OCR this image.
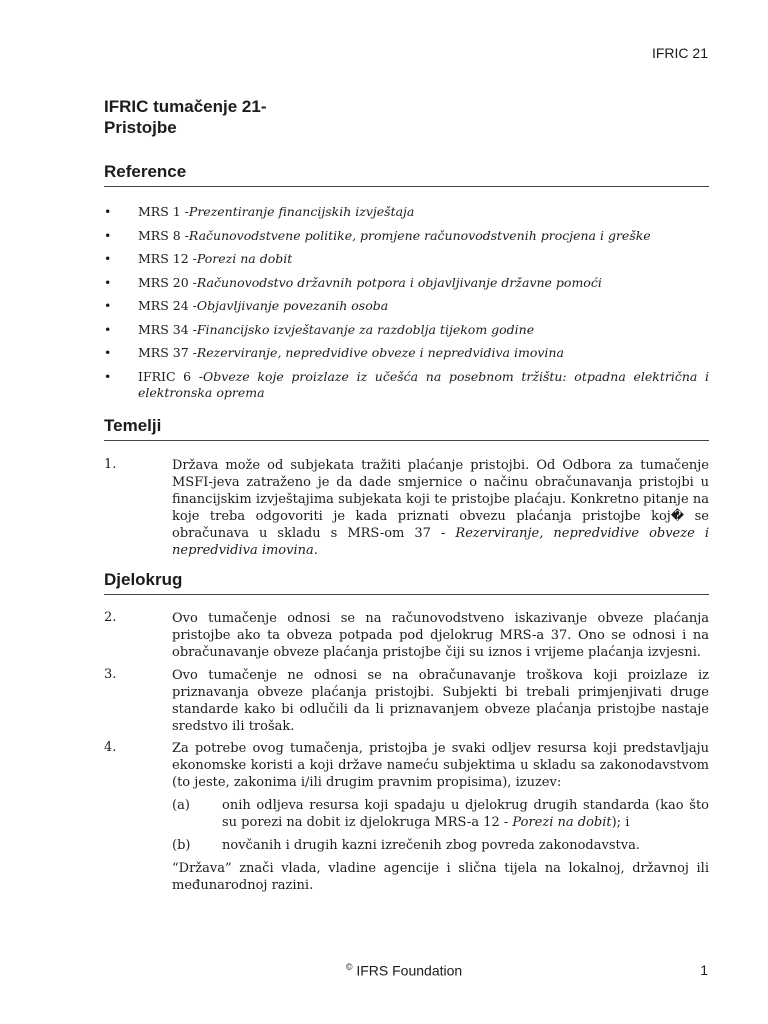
IFRIC 21
IFRIC tumačenje 21-
Pristojbe
Reference
• MRS 1 -Prezentiranje financijskih izvještaja
• MRS 8 -Računovodstvene politike, promjene računovodstvenih procjena i greške
• MRS 12 -Porezi na dobit
• MRS 20 -Računovodstvo državnih potpora i objavljivanje državne pomoći
• MRS 24 -Objavljivanje povezanih osoba
• MRS 34 -Financijsko izvještavanje za razdoblja tijekom godine
• MRS 37 -Rezerviranje, nepredvidive obveze i nepredvidiva imovina
• IFRIC 6 -Obveze koje proizlaze iz učešća na posebnom tržištu: otpadna električna i elektronska oprema
Temelji
1.	Država može od subjekata tražiti plaćanje pristojbi. Od Odbora za tumačenje MSFI-jeva zatraženo je da dade smjernice o načinu obračunavanja pristojbi u financijskim izvještajima subjekata koji te pristojbe plaćaju. Konkretno pitanje na koje treba odgovoriti je kada priznati obvezu plaćanja pristojbe koj� se obračunava u skladu s MRS-om 37 - Rezerviranje, nepredvidive obveze i nepredvidiva imovina.
Djelokrug
2.	Ovo tumačenje odnosi se na računovodstveno iskazivanje obveze plaćanja pristojbe ako ta obveza potpada pod djelokrug MRS-a 37. Ono se odnosi i na obračunavanje obveze plaćanja pristojbe čiji su iznos i vrijeme plaćanja izvjesni.
3.	Ovo tumačenje ne odnosi se na obračunavanje troškova koji proizlaze iz priznavanja obveze plaćanja pristojbi. Subjekti bi trebali primjenjivati druge standarde kako bi odlučili da li priznavanjem obveze plaćanja pristojbe nastaje sredstvo ili trošak.
4.	Za potrebe ovog tumačenja, pristojba je svaki odljev resursa koji predstavljaju ekonomske koristi a koji države nameću subjektima u skladu sa zakonodavstvom (to jeste, zakonima i/ili drugim pravnim propisima), izuzev:
(a)	onih odljeva resursa koji spadaju u djelokrug drugih standarda (kao što su porezi na dobit iz djelokruga MRS-a 12 - Porezi na dobit); i
(b)	novčanih i drugih kazni izrečenih zbog povreda zakonodavstva.
“Država” znači vlada, vladine agencije i slična tijela na lokalnoj, državnoj ili međunarodnoj razini.
© IFRS Foundation	1
